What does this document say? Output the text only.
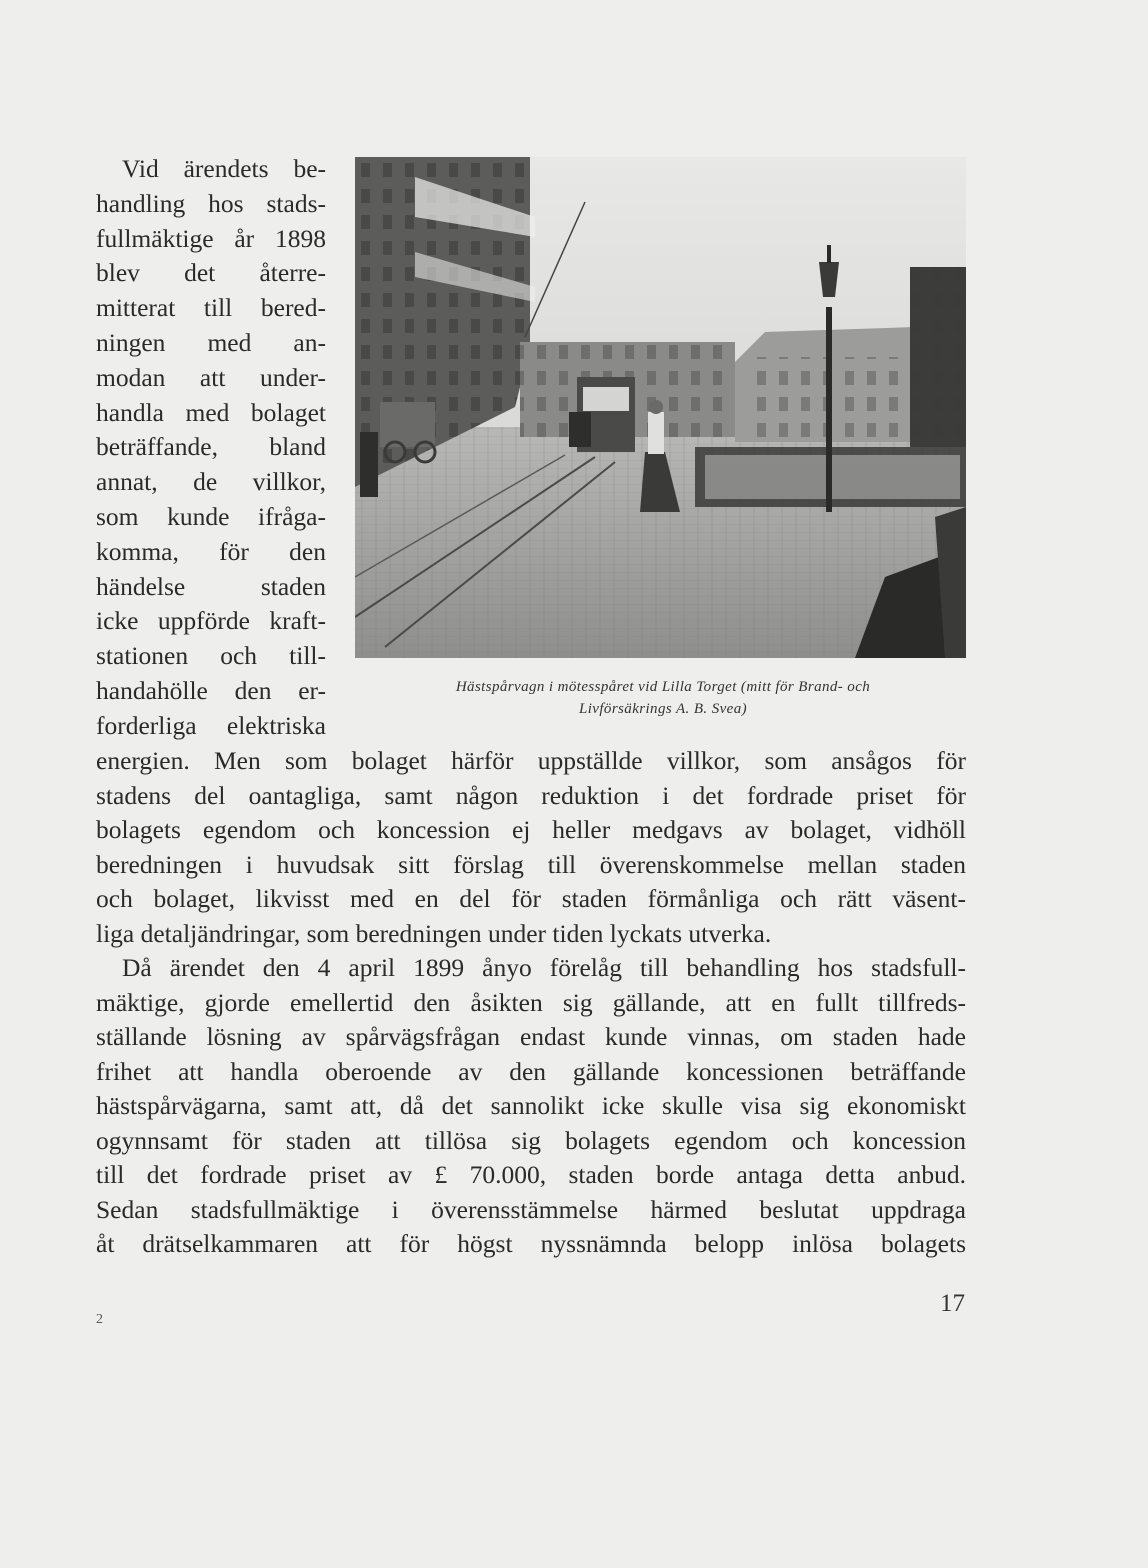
Vid ärendets be-
handling hos stads-
fullmäktige år 1898
blev det återre-
mitterat till bered-
ningen med an-
modan att under-
handla med bolaget
beträffande, bland
annat, de villkor,
som kunde ifråga-
komma, för den
händelse staden
icke uppförde kraft-
stationen och till-
handahölle den er-
forderliga elektriska
Hästspårvagn i mötesspåret vid Lilla Torget (mitt för Brand- och
Livförsäkrings A. B. Svea)
energien. Men som bolaget härför uppställde villkor, som ansågos för
stadens del oantagliga, samt någon reduktion i det fordrade priset för
bolagets egendom och koncession ej heller medgavs av bolaget, vidhöll
beredningen i huvudsak sitt förslag till överenskommelse mellan staden
och bolaget, likvisst med en del för staden förmånliga och rätt väsent-
liga detaljändringar, som beredningen under tiden lyckats utverka.
Då ärendet den 4 april 1899 ånyo förelåg till behandling hos stadsfull-
mäktige, gjorde emellertid den åsikten sig gällande, att en fullt tillfreds-
ställande lösning av spårvägsfrågan endast kunde vinnas, om staden hade
frihet att handla oberoende av den gällande koncessionen beträffande
hästspårvägarna, samt att, då det sannolikt icke skulle visa sig ekonomiskt
ogynnsamt för staden att tillösa sig bolagets egendom och koncession
till det fordrade priset av £ 70.000, staden borde antaga detta anbud.
Sedan stadsfullmäktige i överensstämmelse härmed beslutat uppdraga
åt drätselkammaren att för högst nyssnämnda belopp inlösa bolagets
2
17
